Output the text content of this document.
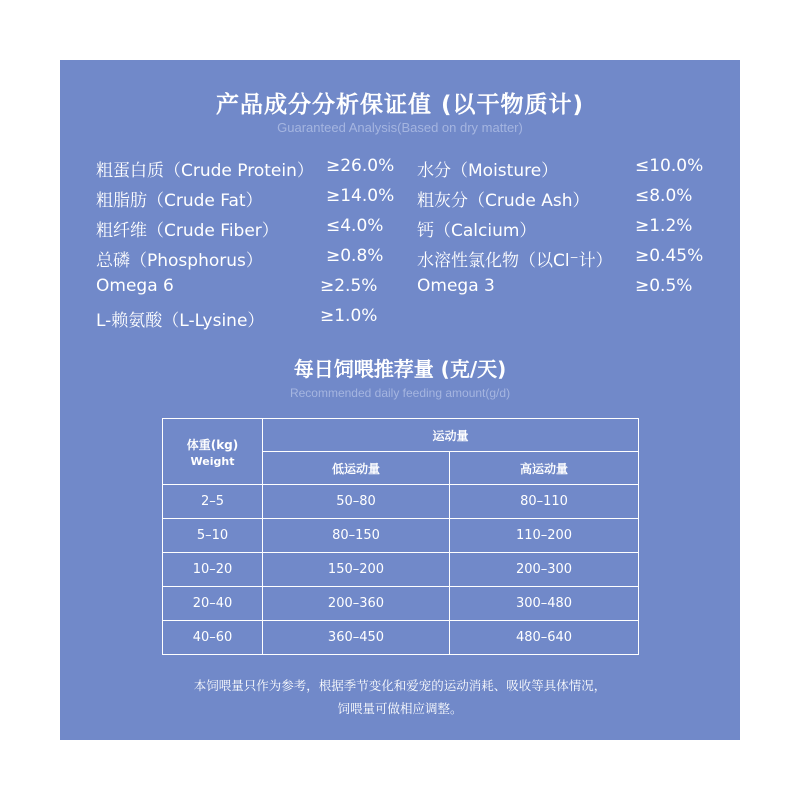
产品成分分析保证值 (以干物质计)
Guaranteed Analysis(Based on dry matter)
粗蛋白质（Crude Protein） ≥26.0%
粗脂肪（Crude Fat）	≥14.0%
粗纤维（Crude Fiber）	≤4.0%
总磷（Phosphorus）	≥0.8%
Omega 6	≥2.5%
L-赖氨酸（L-Lysine）	≥1.0%
水分（Moisture）	≤10.0%
粗灰分（Crude Ash）	≤8.0%
钙（Calcium）	≥1.2%
水溶性氯化物（以Cl⁻计） ≥0.45%
Omega 3	≥0.5%
每日饲喂推荐量 (克/天)
Recommended daily feeding amount(g/d)
体重(kg)
Weight	运动量	
	低运动量	高运动量
2–5	50–80	80–110
5–10	80–150	110–200
10–20	150–200	200–300
20–40	200–360	300–480
40–60	360–450	480–640
本饲喂量只作为参考，根据季节变化和爱宠的运动消耗、吸收等具体情况，
饲喂量可做相应调整。
